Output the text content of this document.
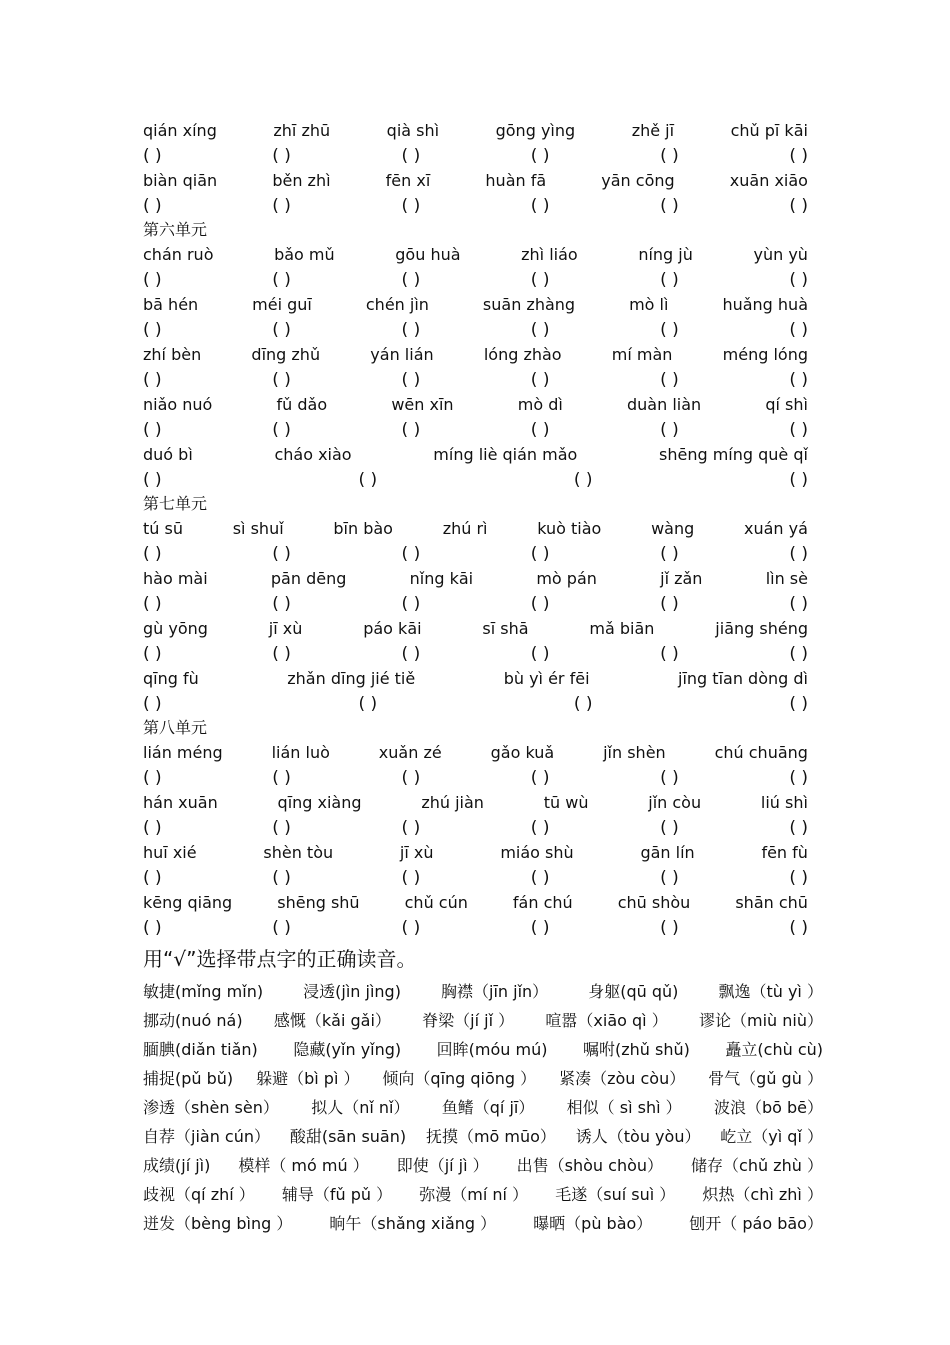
qián xíng	zhī zhū	qià shì	gōng yìng	zhě jī	chǔ pī kāi
( )	( )	( )	( )	( )	( )
biàn qiān	běn zhì	fēn xī	huàn fā	yān cōng	xuān xiāo
( )	( )	( )	( )	( )	( )
第六单元
chán ruò	bǎo mǔ	gōu huà	zhì liáo	níng jù	yùn yù
( )	( )	( )	( )	( )	( )
bā hén	méi guī	chén jìn	suān zhàng	mò lì	huǎng huà
( )	( )	( )	( )	( )	( )
zhí bèn	dīng zhǔ	yán lián	lóng zhào	mí màn	méng lóng
( )	( )	( )	( )	( )	( )
niǎo nuó	fǔ dǎo	wēn xīn	mò dì	duàn liàn	qí shì
( )	( )	( )	( )	( )	( )
duó bì	cháo xiào	míng liè qián mǎo	shēng míng què qǐ
( )	( )	( )	( )
第七单元
tú sū	sì shuǐ	bīn bào	zhú rì	kuò tiào	wàng	xuán yá
( )	( )	( )	( )	( )	( )
hào mài	pān dēng	nǐng kāi	mò pán	jǐ zǎn	lìn sè
( )	( )	( )	( )	( )	( )
gù yōng	jī xù	páo kāi	sī shā	mǎ biān	jiāng shéng
( )	( )	( )	( )	( )	( )
qīng fù	zhǎn dīng jié tiě	bù yì ér fēi	jīng tīan dòng dì
( )	( )	( )	( )
第八单元
lián méng	lián luò	xuǎn zé	gǎo kuǎ	jǐn shèn	chú chuāng
( )	( )	( )	( )	( )	( )
hán xuān	qīng xiàng	zhú jiàn	tū wù	jǐn còu	liú shì
( )	( )	( )	( )	( )	( )
huī xié	shèn tòu	jī xù	miáo shù	gān lín	fēn fù
( )	( )	( )	( )	( )	( )
kēng qiāng	shēng shū	chǔ cún	fán chú	chū shòu	shān chū
( )	( )	( )	( )	( )	( )
用“√”选择带点字的正确读音。
敏捷(mǐng mǐn)	浸透(jìn jìng)	胸襟（jīn jǐn）	身躯(qū qǔ)	飘逸（tù yì ）
挪动(nuó ná) 感慨（kǎi gǎi） 脊梁（jí jǐ ） 喧嚣（xiāo qì ） 谬论（miù niù）
腼腆(diǎn tiǎn) 隐藏(yǐn yǐng) 回眸(móu mú) 嘱咐(zhǔ shǔ) 矗立(chù cù)
捕捉(pǔ bǔ) 躲避（bì pì ） 倾向（qīng qiōng ） 紧凑（zòu còu） 骨气（gǔ gù ）
渗透（shèn sèn） 拟人（nǐ nǐ） 鱼鳍（qí jī） 相似（ sì shì ） 波浪（bō bē）
自荐（jiàn cún） 酸甜(sān suān) 抚摸（mō mūo） 诱人（tòu yòu） 屹立（yì qǐ ）
成绩(jí jì) 模样（ mó mú ） 即使（jí jì ） 出售（shòu chòu） 储存（chǔ zhù ）
歧视（qí zhí ） 辅导（fǔ pǔ ） 弥漫（mí ní ） 毛遂（suí suì ） 炽热（chì zhì ）
迸发（bèng bìng ） 晌午（shǎng xiǎng ） 曝晒（pù bào） 刨开（ páo bāo）
